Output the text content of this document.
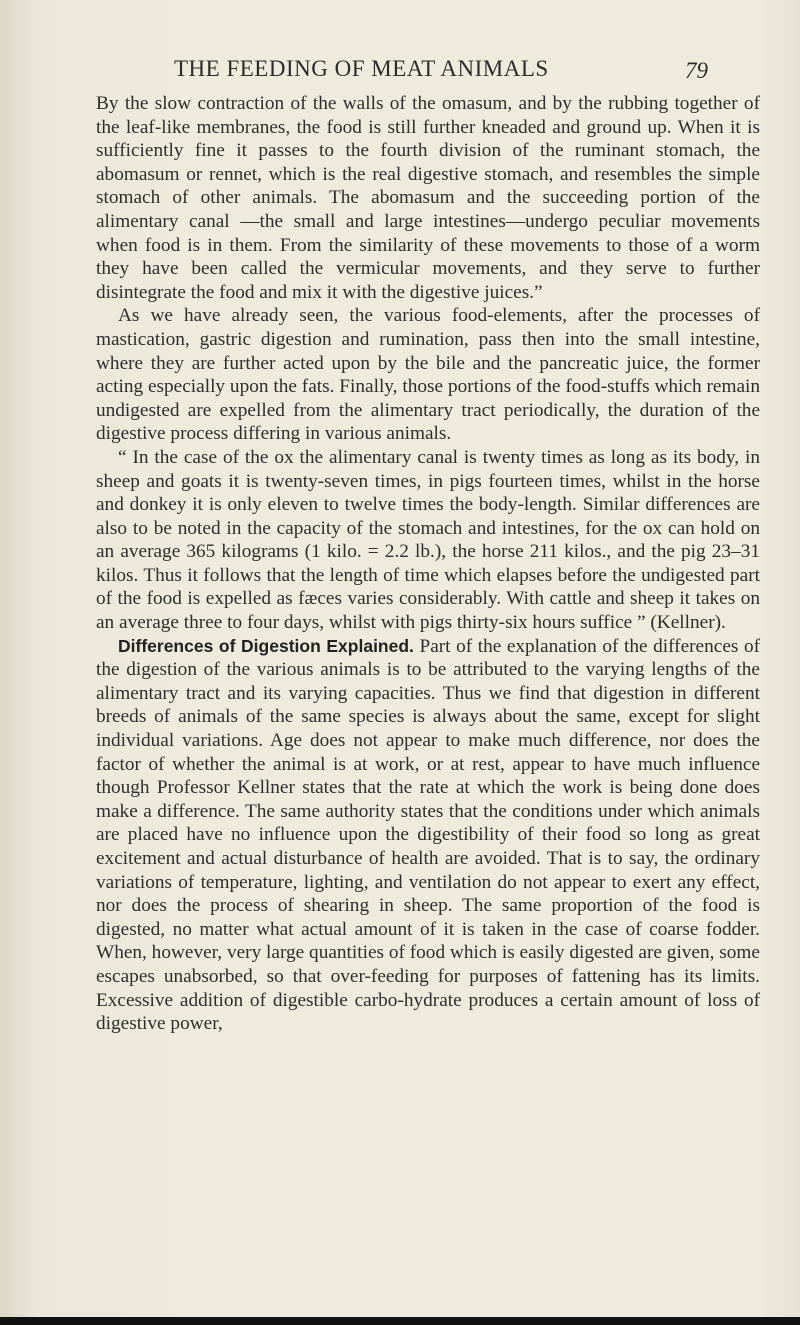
THE FEEDING OF MEAT ANIMALS	79

By the slow contraction of the walls of the omasum, and by the rubbing together of the leaf-like membranes, the food is still further kneaded and ground up. When it is sufficiently fine it passes to the fourth division of the ruminant stomach, the abomasum or rennet, which is the real digestive stomach, and resembles the simple stomach of other animals. The abomasum and the succeeding portion of the alimentary canal —the small and large intestines—undergo peculiar movements when food is in them. From the similarity of these movements to those of a worm they have been called the vermicular movements, and they serve to further disintegrate the food and mix it with the digestive juices.”

As we have already seen, the various food-elements, after the processes of mastication, gastric digestion and rumination, pass then into the small intestine, where they are further acted upon by the bile and the pancreatic juice, the former acting especially upon the fats. Finally, those portions of the food-stuffs which remain undigested are expelled from the alimentary tract periodically, the duration of the digestive process differing in various animals.

“ In the case of the ox the alimentary canal is twenty times as long as its body, in sheep and goats it is twenty-seven times, in pigs fourteen times, whilst in the horse and donkey it is only eleven to twelve times the body-length. Similar differences are also to be noted in the capacity of the stomach and intestines, for the ox can hold on an average 365 kilograms (1 kilo. = 2.2 lb.), the horse 211 kilos., and the pig 23–31 kilos. Thus it follows that the length of time which elapses before the undigested part of the food is expelled as fæces varies considerably. With cattle and sheep it takes on an average three to four days, whilst with pigs thirty-six hours suffice ” (Kellner).

Differences of Digestion Explained. Part of the explanation of the differences of the digestion of the various animals is to be attributed to the varying lengths of the alimentary tract and its varying capacities. Thus we find that digestion in different breeds of animals of the same species is always about the same, except for slight individual variations. Age does not appear to make much difference, nor does the factor of whether the animal is at work, or at rest, appear to have much influence though Professor Kellner states that the rate at which the work is being done does make a difference. The same authority states that the conditions under which animals are placed have no influence upon the digestibility of their food so long as great excitement and actual disturbance of health are avoided. That is to say, the ordinary variations of temperature, lighting, and ventilation do not appear to exert any effect, nor does the process of shearing in sheep. The same proportion of the food is digested, no matter what actual amount of it is taken in the case of coarse fodder. When, however, very large quantities of food which is easily digested are given, some escapes unabsorbed, so that over-feeding for purposes of fattening has its limits. Excessive addition of digestible carbo-hydrate produces a certain amount of loss of digestive power,
